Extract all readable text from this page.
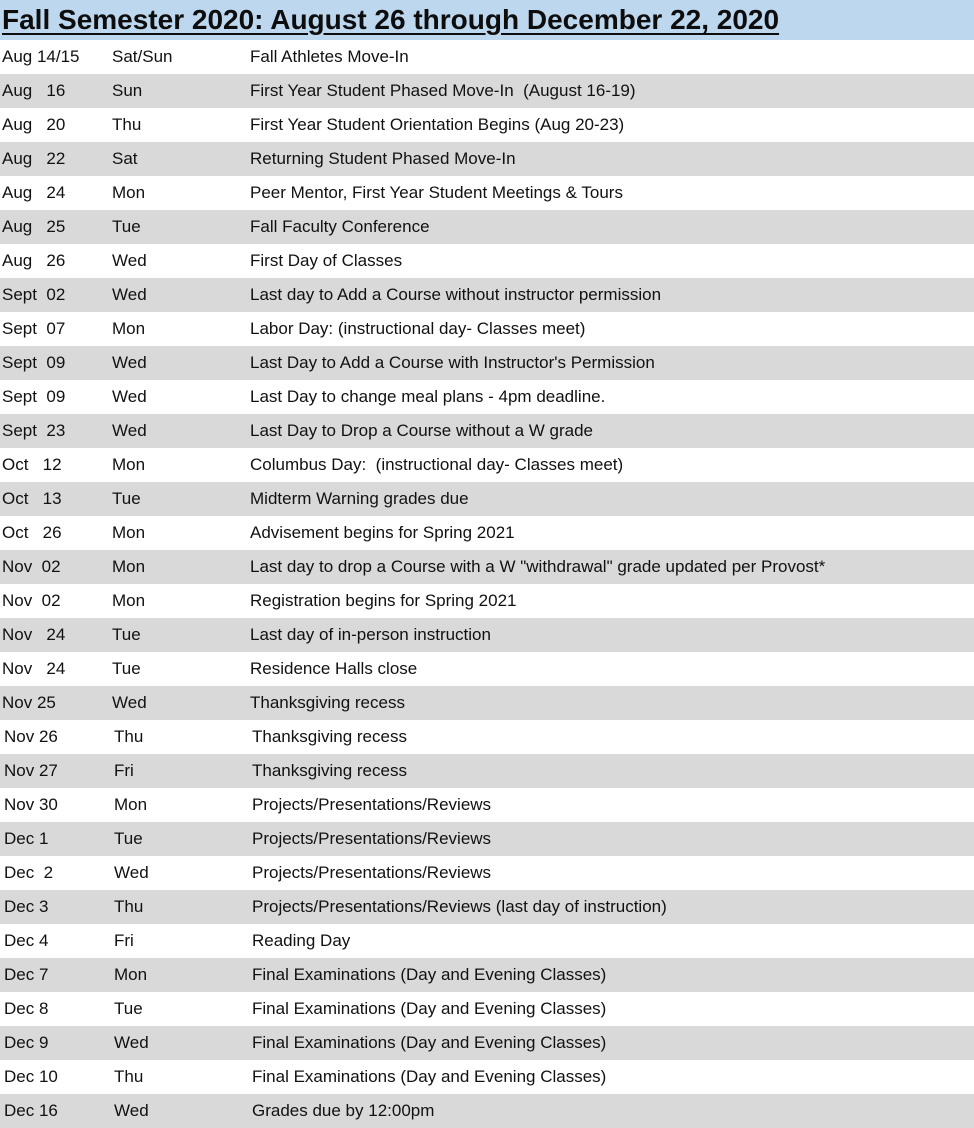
Fall Semester 2020: August 26 through December 22, 2020
Aug 14/15 Sat/Sun	Fall Athletes Move-In
Aug   16	Sun	First Year Student Phased Move-In  (August 16-19)
Aug   20	Thu	First Year Student Orientation Begins (Aug 20-23)
Aug   22	Sat	Returning Student Phased Move-In
Aug   24	Mon	Peer Mentor, First Year Student Meetings & Tours
Aug   25	Tue	Fall Faculty Conference
Aug   26	Wed	First Day of Classes
Sept  02	Wed	Last day to Add a Course without instructor permission
Sept  07	Mon	Labor Day: (instructional day- Classes meet)
Sept  09	Wed	Last Day to Add a Course with Instructor's Permission
Sept  09	Wed	Last Day to change meal plans - 4pm deadline.
Sept  23	Wed	Last Day to Drop a Course without a W grade
Oct   12	Mon	Columbus Day:  (instructional day- Classes meet)
Oct   13	Tue	Midterm Warning grades due
Oct   26	Mon	Advisement begins for Spring 2021
Nov  02	Mon	Last day to drop a Course with a W "withdrawal" grade updated per Provost*
Nov  02	Mon	Registration begins for Spring 2021
Nov   24	Tue	Last day of in-person instruction
Nov   24	Tue	Residence Halls close
Nov 25	Wed	Thanksgiving recess
Nov 26	Thu	Thanksgiving recess
Nov 27	Fri	Thanksgiving recess
Nov 30	Mon	Projects/Presentations/Reviews
Dec 1	Tue	Projects/Presentations/Reviews
Dec  2	Wed	Projects/Presentations/Reviews
Dec 3	Thu	Projects/Presentations/Reviews (last day of instruction)
Dec 4	Fri	Reading Day
Dec 7	Mon	Final Examinations (Day and Evening Classes)
Dec 8	Tue	Final Examinations (Day and Evening Classes)
Dec 9	Wed	Final Examinations (Day and Evening Classes)
Dec 10	Thu	Final Examinations (Day and Evening Classes)
Dec 16	Wed	Grades due by 12:00pm
